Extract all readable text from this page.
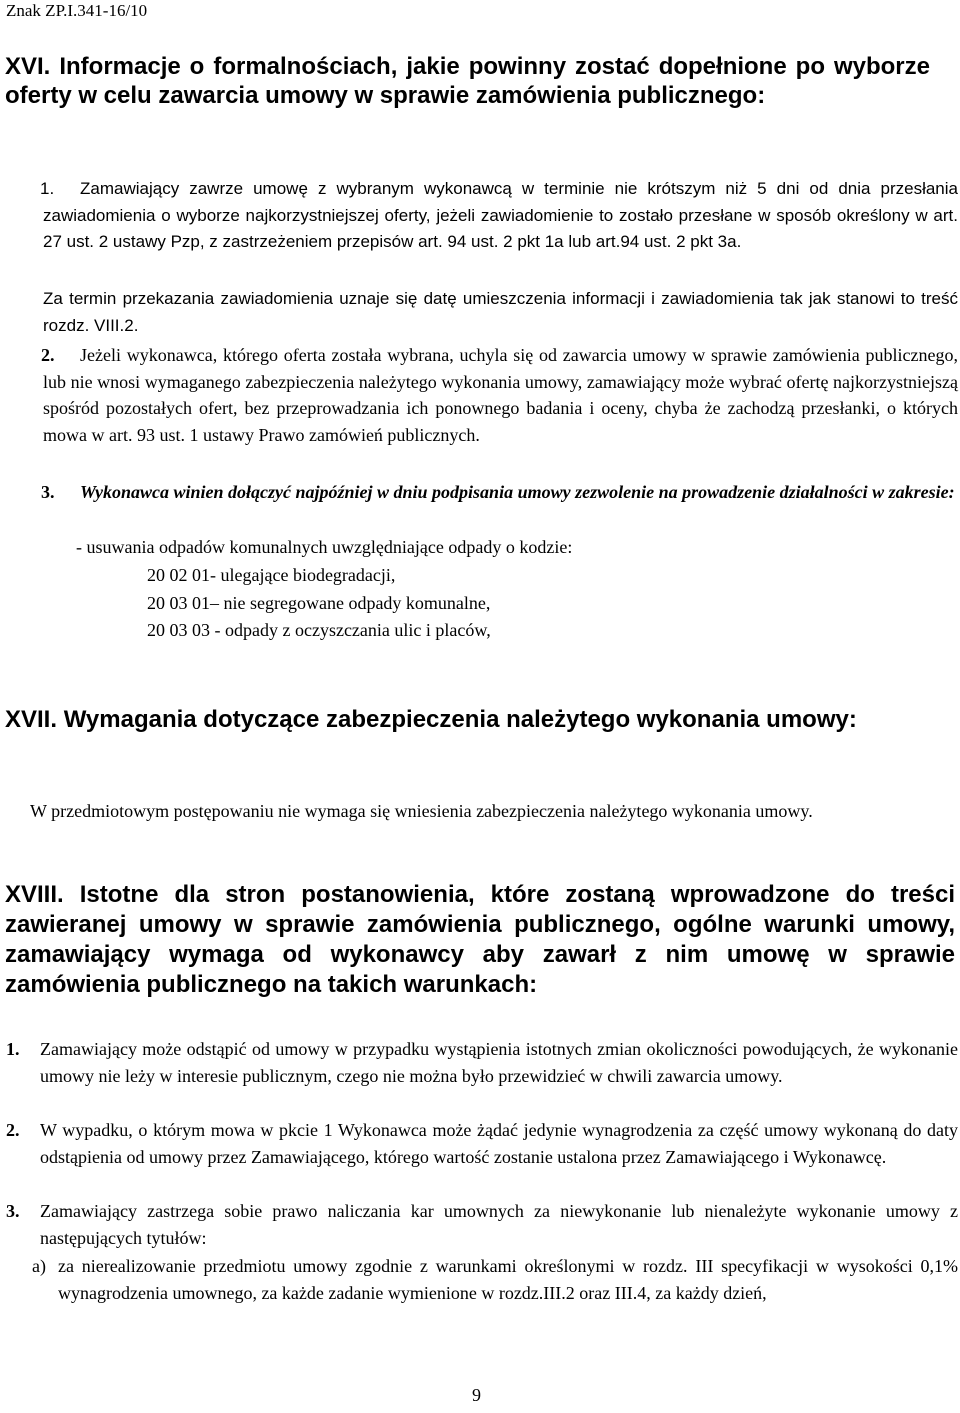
Znak ZP.I.341-16/10
XVI. Informacje o formalnościach, jakie powinny zostać dopełnione po wyborze oferty w celu zawarcia umowy w sprawie zamówienia publicznego:
1.	Zamawiający zawrze umowę z wybranym wykonawcą w terminie nie krótszym niż 5 dni od dnia przesłania zawiadomienia o wyborze najkorzystniejszej oferty, jeżeli zawiadomienie to zostało przesłane w sposób określony w art. 27 ust. 2 ustawy Pzp, z zastrzeżeniem przepisów art. 94 ust. 2 pkt 1a lub art.94 ust. 2 pkt 3a.
Za termin przekazania zawiadomienia uznaje się datę umieszczenia informacji i zawiadomienia tak jak stanowi to treść rozdz. VIII.2.
2.	Jeżeli wykonawca, którego oferta została wybrana, uchyla się od zawarcia umowy w sprawie zamówienia publicznego, lub nie wnosi wymaganego zabezpieczenia należytego wykonania umowy, zamawiający może wybrać ofertę najkorzystniejszą spośród pozostałych ofert, bez przeprowadzania ich ponownego badania i oceny, chyba że zachodzą przesłanki, o których mowa w art. 93 ust. 1 ustawy Prawo zamówień publicznych.
3.	Wykonawca winien dołączyć najpóźniej w dniu podpisania umowy zezwolenie na prowadzenie działalności w zakresie:
- usuwania odpadów komunalnych uwzględniające odpady o kodzie:
20 02 01- ulegające biodegradacji,
20 03 01– nie segregowane odpady komunalne,
20 03 03 - odpady z oczyszczania ulic i placów,
XVII. Wymagania dotyczące zabezpieczenia należytego wykonania umowy:
W przedmiotowym postępowaniu nie wymaga się wniesienia zabezpieczenia należytego wykonania umowy.
XVIII. Istotne dla stron postanowienia, które zostaną wprowadzone do treści zawieranej umowy w sprawie zamówienia publicznego, ogólne warunki umowy, zamawiający wymaga od wykonawcy aby zawarł z nim umowę w sprawie zamówienia publicznego na takich warunkach:
1.	Zamawiający może odstąpić od umowy w przypadku wystąpienia istotnych zmian okoliczności powodujących, że wykonanie umowy nie leży w interesie publicznym, czego nie można było przewidzieć w chwili zawarcia umowy.
2.	W wypadku, o którym mowa w pkcie 1 Wykonawca może żądać jedynie wynagrodzenia za część umowy wykonaną do daty odstąpienia od umowy przez Zamawiającego, którego wartość zostanie ustalona przez Zamawiającego i Wykonawcę.
3.	Zamawiający zastrzega sobie prawo naliczania kar umownych za niewykonanie lub nienależyte wykonanie umowy z następujących tytułów:
a) za nierealizowanie przedmiotu umowy zgodnie z warunkami określonymi w rozdz. III specyfikacji w wysokości 0,1% wynagrodzenia umownego, za każde zadanie wymienione w rozdz.III.2 oraz III.4, za każdy dzień,
9
